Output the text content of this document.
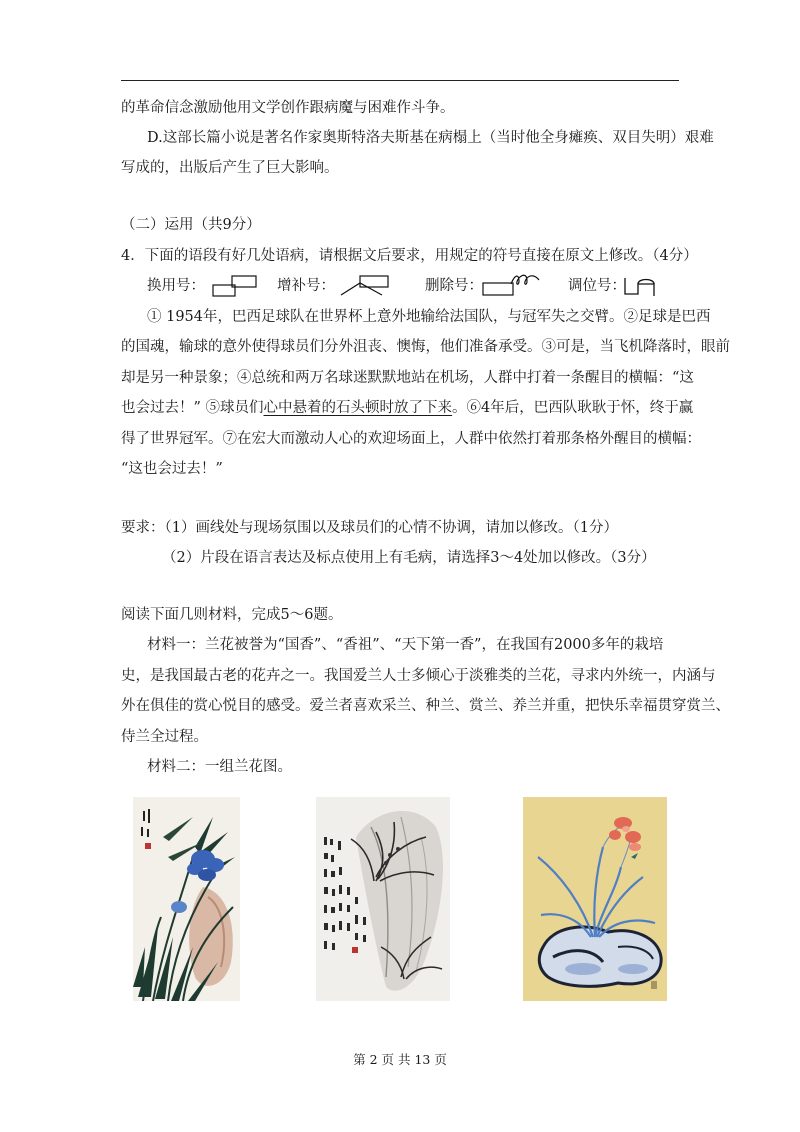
的革命信念激励他用文学创作跟病魔与困难作斗争。
D.这部长篇小说是著名作家奥斯特洛夫斯基在病榻上（当时他全身瘫痪、双目失明）艰难
写成的，出版后产生了巨大影响。
（二）运用（共9分）
4．下面的语段有好几处语病，请根据文后要求，用规定的符号直接在原文上修改。（4分）
换用号：	增补号：	删除号：	调位号：
① 1954年，巴西足球队在世界杯上意外地输给法国队，与冠军失之交臂。②足球是巴西
的国魂，输球的意外使得球员们分外沮丧、懊悔，他们准备承受。③可是，当飞机降落时，眼前
却是另一种景象；④总统和两万名球迷默默地站在机场，人群中打着一条醒目的横幅：“这
也会过去！” ⑤球员们心中悬着的石头顿时放了下来。⑥4年后，巴西队耿耿于怀，终于赢
得了世界冠军。⑦在宏大而激动人心的欢迎场面上，人群中依然打着那条格外醒目的横幅：
“这也会过去！”
要求：（1）画线处与现场氛围以及球员们的心情不协调，请加以修改。（1分）
（2）片段在语言表达及标点使用上有毛病，请选择3～4处加以修改。（3分）
阅读下面几则材料，完成5～6题。
材料一：兰花被誉为“国香”、“香祖”、“天下第一香”，在我国有2000多年的栽培
史，是我国最古老的花卉之一。我国爱兰人士多倾心于淡雅类的兰花，寻求内外统一，内涵与
外在俱佳的赏心悦目的感受。爱兰者喜欢采兰、种兰、赏兰、养兰并重，把快乐幸福贯穿赏兰、
侍兰全过程。
材料二：一组兰花图。
第 2 页 共 13 页
